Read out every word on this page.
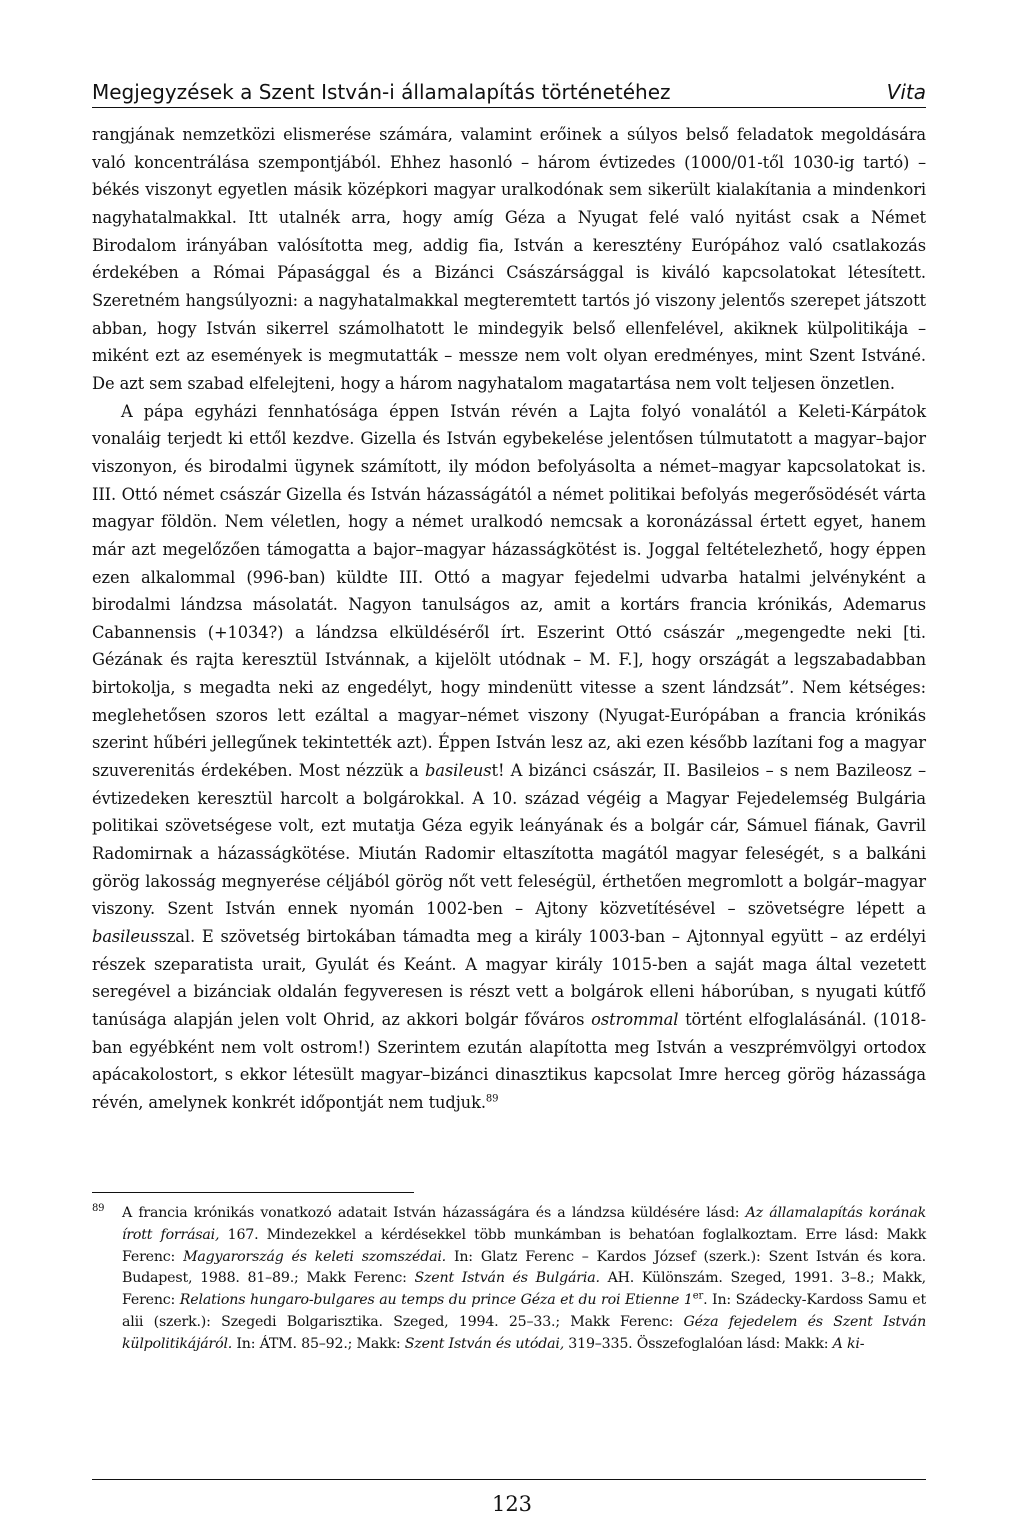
Megjegyzések a Szent István-i államalapítás történetéhez	Vita

rangjának nemzetközi elismerése számára, valamint erőinek a súlyos belső feladatok megoldására való koncentrálása szempontjából. Ehhez hasonló – három évtizedes (1000/01-től 1030-ig tartó) – békés viszonyt egyetlen másik középkori magyar uralkodónak sem sikerült kialakítania a mindenkori nagyhatalmakkal. Itt utalnék arra, hogy amíg Géza a Nyugat felé való nyitást csak a Német Birodalom irányában valósította meg, addig fia, István a keresztény Európához való csatlakozás érdekében a Római Pápasággal és a Bizánci Császársággal is kiváló kapcsolatokat létesített. Szeretném hangsúlyozni: a nagyhatalmakkal megteremtett tartós jó viszony jelentős szerepet játszott abban, hogy István sikerrel számolhatott le mindegyik belső ellenfelével, akiknek külpolitikája – miként ezt az események is megmutatták – messze nem volt olyan eredményes, mint Szent Istváné. De azt sem szabad elfelejteni, hogy a három nagyhatalom magatartása nem volt teljesen önzetlen.

A pápa egyházi fennhatósága éppen István révén a Lajta folyó vonalától a Keleti-Kárpátok vonaláig terjedt ki ettől kezdve. Gizella és István egybekelése jelentősen túlmutatott a magyar–bajor viszonyon, és birodalmi ügynek számított, ily módon befolyásolta a német–magyar kapcsolatokat is. III. Ottó német császár Gizella és István házasságától a német politikai befolyás megerősödését várta magyar földön. Nem véletlen, hogy a német uralkodó nemcsak a koronázással értett egyet, hanem már azt megelőzően támogatta a bajor–magyar házasságkötést is. Joggal feltételezhető, hogy éppen ezen alkalommal (996-ban) küldte III. Ottó a magyar fejedelmi udvarba hatalmi jelvényként a birodalmi lándzsa másolatát. Nagyon tanulságos az, amit a kortárs francia krónikás, Ademarus Cabannensis (+1034?) a lándzsa elküldéséről írt. Eszerint Ottó császár „megengedte neki [ti. Gézának és rajta keresztül Istvánnak, a kijelölt utódnak – M. F.], hogy országát a legszabadabban birtokolja, s megadta neki az engedélyt, hogy mindenütt vitesse a szent lándzsát”. Nem kétséges: meglehetősen szoros lett ezáltal a magyar–német viszony (Nyugat-Európában a francia krónikás szerint hűbéri jellegűnek tekintették azt). Éppen István lesz az, aki ezen később lazítani fog a magyar szuverenitás érdekében. Most nézzük a basileust! A bizánci császár, II. Basileios – s nem Bazileosz – évtizedeken keresztül harcolt a bolgárokkal. A 10. század végéig a Magyar Fejedelemség Bulgária politikai szövetségese volt, ezt mutatja Géza egyik leányának és a bolgár cár, Sámuel fiának, Gavril Radomirnak a házasságkötése. Miután Radomir eltaszította magától magyar feleségét, s a balkáni görög lakosság megnyerése céljából görög nőt vett feleségül, érthetően megromlott a bolgár–magyar viszony. Szent István ennek nyomán 1002-ben – Ajtony közvetítésével – szövetségre lépett a basileusszal. E szövetség birtokában támadta meg a király 1003-ban – Ajtonnyal együtt – az erdélyi részek szeparatista urait, Gyulát és Keánt. A magyar király 1015-ben a saját maga által vezetett seregével a bizánciak oldalán fegyveresen is részt vett a bolgárok elleni háborúban, s nyugati kútfő tanúsága alapján jelen volt Ohrid, az akkori bolgár főváros ostrommal történt elfoglalásánál. (1018-ban egyébként nem volt ostrom!) Szerintem ezután alapította meg István a veszprémvölgyi ortodox apácakolostort, s ekkor létesült magyar–bizánci dinasztikus kapcsolat Imre herceg görög házassága révén, amelynek konkrét időpontját nem tudjuk.$^{89}$

89 A francia krónikás vonatkozó adatait István házasságára és a lándzsa küldésére lásd: Az államalapítás korának írott forrásai, 167. Mindezekkel a kérdésekkel több munkámban is behatóan foglalkoztam. Erre lásd: Makk Ferenc: Magyarország és keleti szomszédai. In: Glatz Ferenc – Kardos József (szerk.): Szent István és kora. Budapest, 1988. 81–89.; Makk Ferenc: Szent István és Bulgária. AH. Különszám. Szeged, 1991. 3–8.; Makk, Ferenc: Relations hungaro-bulgares au temps du prince Géza et du roi Etienne 1er. In: Szádecky-Kardoss Samu et alii (szerk.): Szegedi Bolgarisztika. Szeged, 1994. 25–33.; Makk Ferenc: Géza fejedelem és Szent István külpolitikájáról. In: ÁTM. 85–92.; Makk: Szent István és utódai, 319–335. Összefoglalóan lásd: Makk: A ki-
123
